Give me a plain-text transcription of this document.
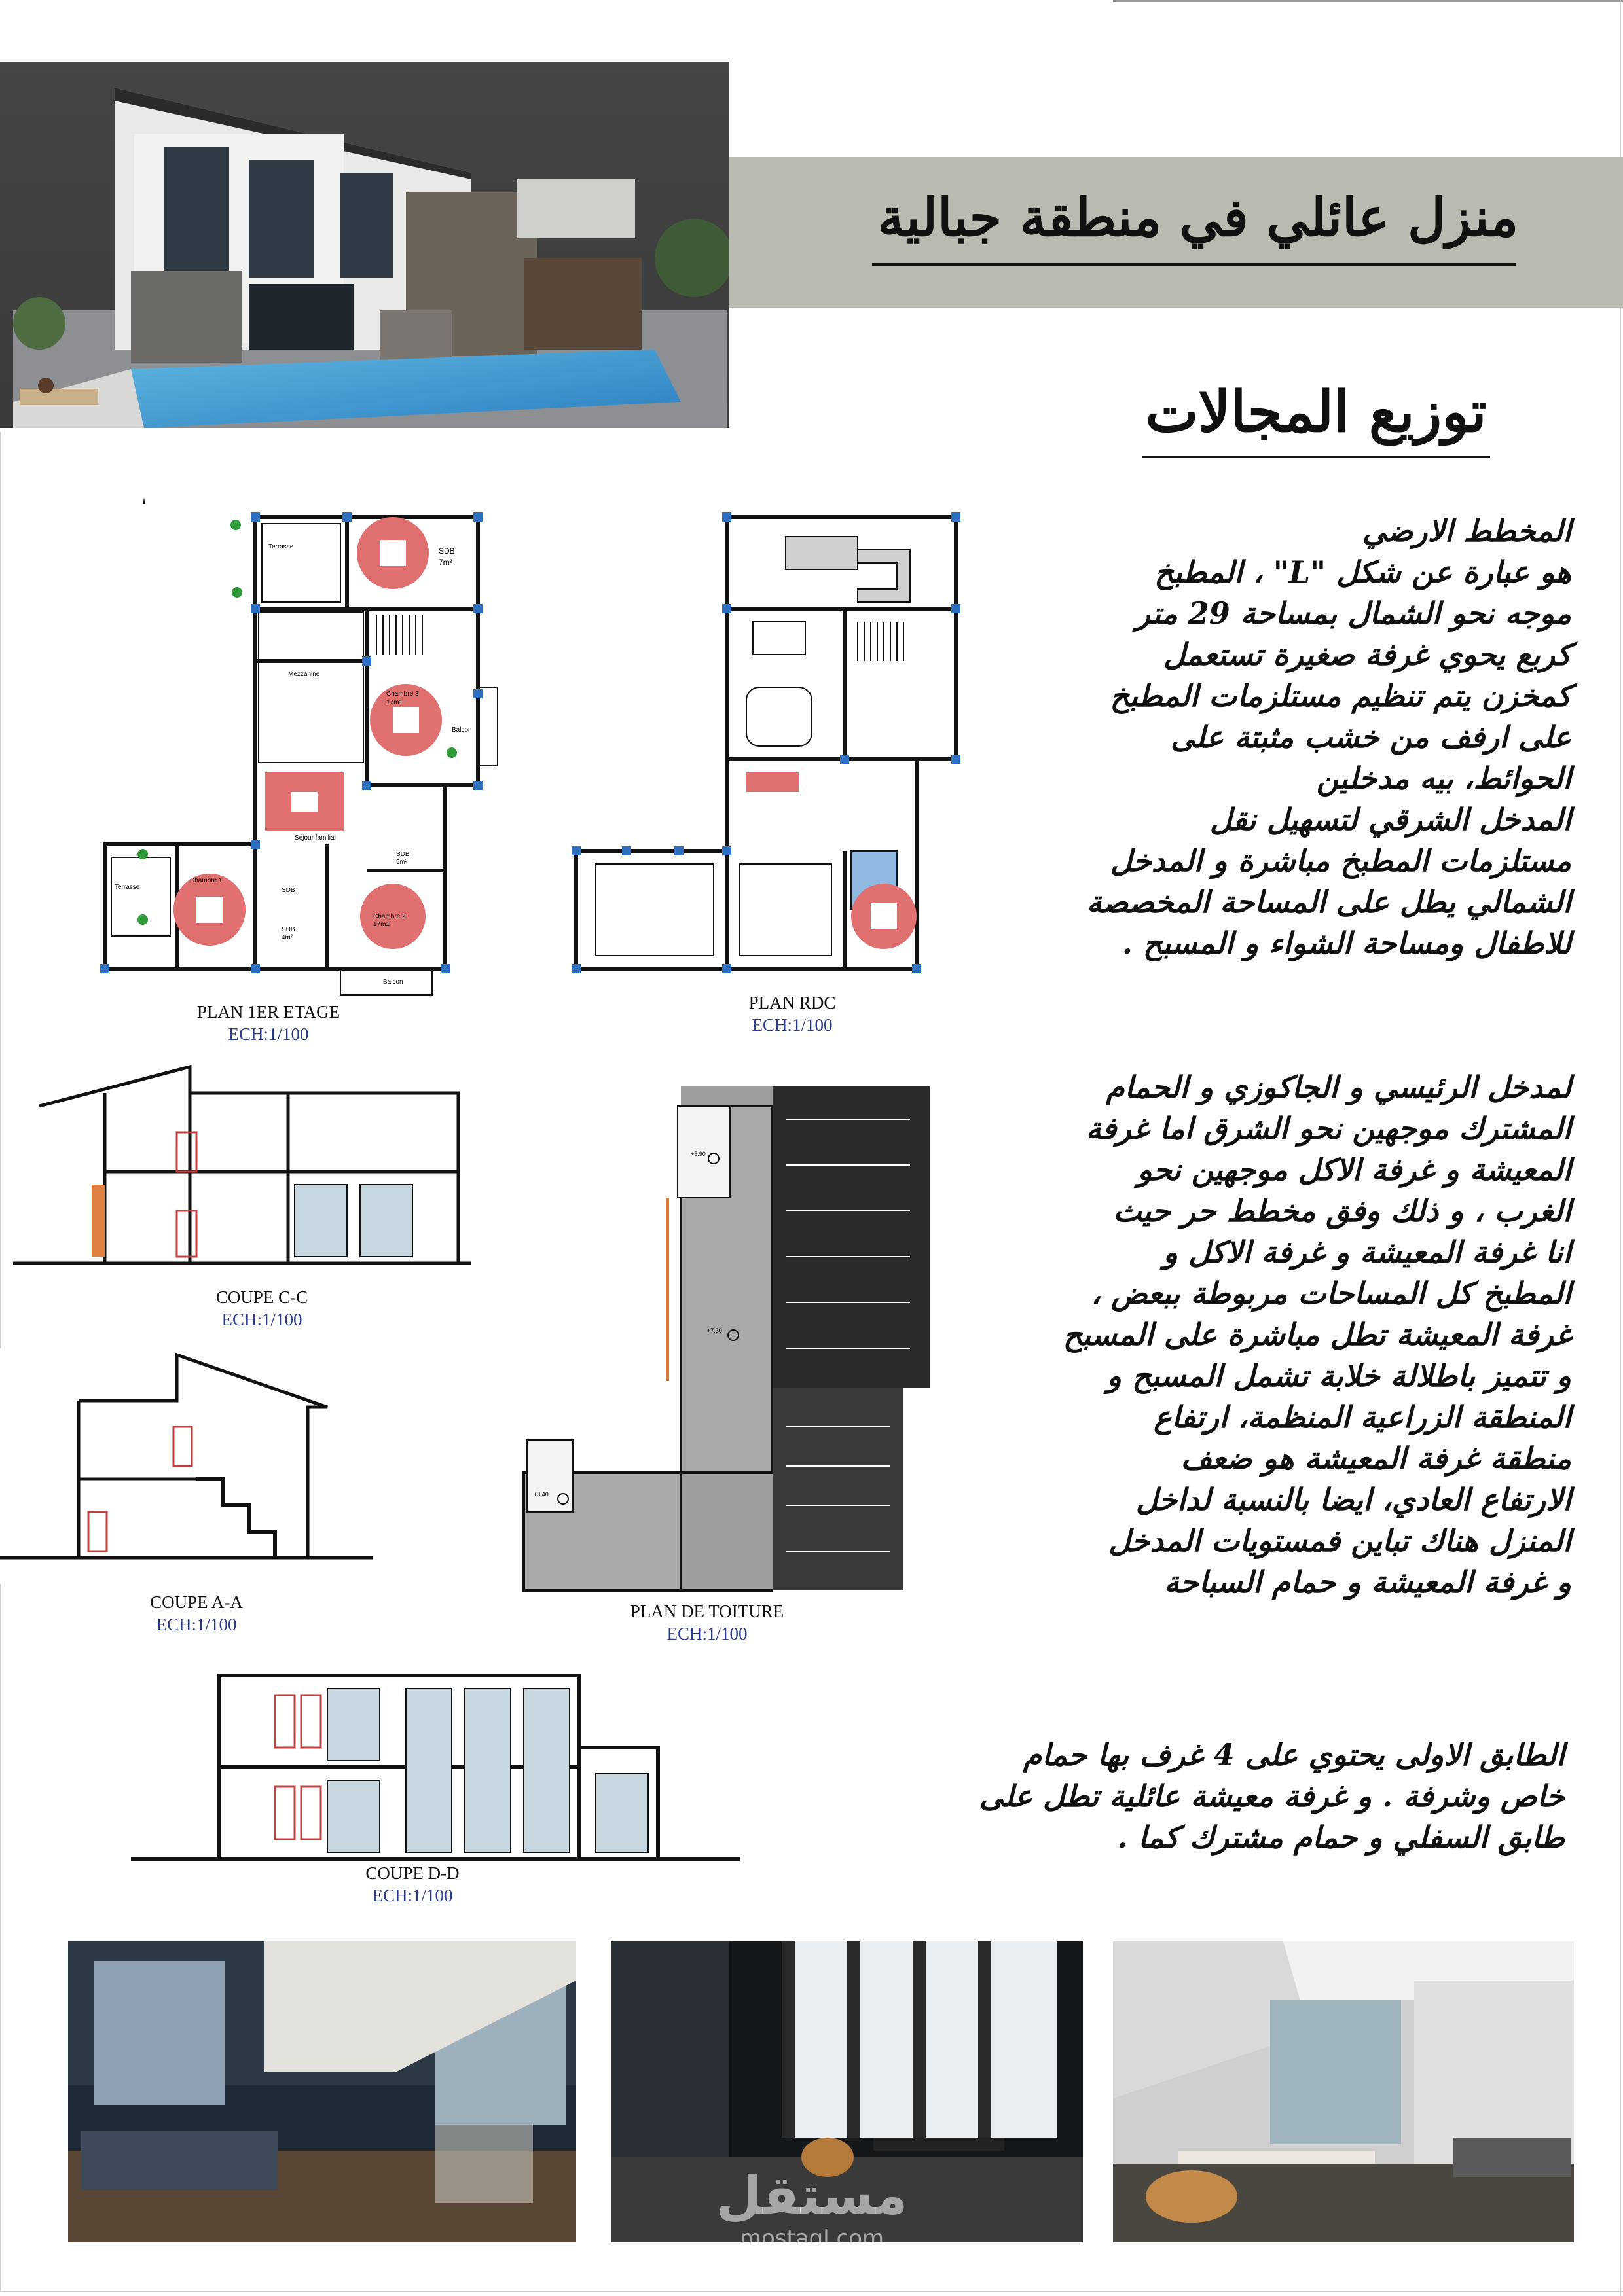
منزل عائلي في منطقة جبالية
توزيع المجالات
المخطط الارضي
هو عبارة عن شكل "L" ، المطبخ
موجه نحو الشمال بمساحة 29 متر
كربع يحوي غرفة صغيرة تستعمل
كمخزن يتم تنظيم مستلزمات المطبخ
على ارفف من خشب مثبتة على
الحوائط، بيه مدخلين
المدخل الشرقي لتسهيل نقل
مستلزمات المطبخ مباشرة و المدخل
الشمالي يطل على المساحة المخصصة
للاطفال ومساحة الشواء و المسبح .
لمدخل الرئيسي و الجاكوزي و الحمام
المشترك موجهين نحو الشرق اما غرفة
المعيشة و غرفة الاكل موجهين نحو
الغرب ، و ذلك وفق مخطط حر حيث
انا غرفة المعيشة و غرفة الاكل و
المطبخ كل المساحات مربوطة ببعض ،
غرفة المعيشة تطل مباشرة على المسبح
و تتميز باطلالة خلابة تشمل المسبح و
المنطقة الزراعية المنظمة، ارتفاع
منطقة غرفة المعيشة هو ضعف
الارتفاع العادي، ايضا بالنسبة لداخل
المنزل هناك تباين فمستويات المدخل
و غرفة المعيشة و حمام السباحة
الطابق الاولى يحتوي على 4 غرف بها حمام
خاص وشرفة . و غرفة معيشة عائلية تطل على
طابق السفلي و حمام مشترك كما .
Terrasse	SDB
7m²
Mezzanine
Balcon
Chambre 3
17m1
Séjour familial
Terrasse
Chambre 1
SDB
5m²
SDB
SDB
4m²
Chambre 2
17m1
Balcon
PLAN 1ER ETAGE
ECH:1/100
PLAN RDC
ECH:1/100
COUPE C-C
ECH:1/100
+5.90
+7.30
+3.40
PLAN DE TOITURE
ECH:1/100
COUPE A-A
ECH:1/100
COUPE D-D
ECH:1/100
مستقل
mostaql.com
